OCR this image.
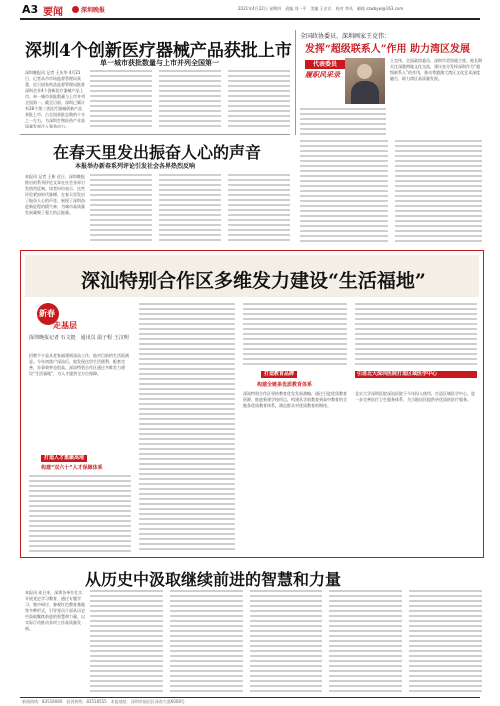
A3 要闻	深圳晚报	2021年4月22日 星期四　责编 刘一平　美编 王京京　校对 李凤　邮箱 szwbyw@163.com
深圳4个创新医疗器械产品获批上市
单一城市获批数量与上市并列全国第一
深圳晚报讯 记者 王庆华 4月21日，记者从市市场监督管理局获悉，近日国家药品监督管理局批准深圳企业4个创新医疗器械产品上市，单一城市获批数量与上市并列全国第一。截至目前，深圳已累计有28个第三类医疗器械创新产品获批上市，占全国获批总数的十分之一左右，为深圳生物医药产业高质量发展注入强劲动力。
全国政协委员、深圳画家王克伟：
发挥“超级联系人”作用 助力湾区发展
代表委员
履职风采录
王克伟，全国政协委员，深圳市美协副主席。他长期关注深港两地文化交流，建议充分发挥深圳作为“超级联系人”的作用，推动粤港澳大湾区文化艺术深度融合，助力湾区高质量发展。
在春天里发出振奋人心的声音
本报举办新春系列评论引发社会各界热烈反响
本报讯 记者 王新 近日，深圳晚报推出的系列评论文章在社会各界引发热烈反响。读者纷纷表示，这些评论紧扣时代脉搏，在春天里发出了振奋人心的声音，展现了深圳奋进新征程的精气神，为城市高质量发展凝聚了强大的正能量。
深汕特别合作区多维发力建设“生活福地”
新春
走基层
深圳晚报记者 石文挺　通讯员 温子程 王汉明
招聘不少是从老家福建到深汕工作，他对目前的生活很满意。今年初落户深汕后，他发现这里生活便利、配套完善，办事效率也很高。深汕特别合作区通过多维发力建设“生活福地”，为人才提供全方位保障。
打造人才集聚高地
构建“双六十”人才保障体系
打造教育品牌
构建全链条优质教育体系
深汕特别合作区坚持教育优先发展战略，通过引进优质教育资源，推进新建学校项目，构建从学前教育到高中教育的全链条优质教育体系，满足群众对优质教育的期待。
引进北大深圳医院打造区域医学中心
北京大学深圳医院深汕医院于今年投入使用，打造区域医学中心，进一步完善医疗卫生服务体系，为当地居民提供更优质的医疗服务。
从历史中汲取继续前进的智慧和力量
本报讯 连日来，深圳各单位扎实开展党史学习教育，通过专题学习、集中研讨、参观红色教育基地等多种形式，引导党员干部从历史中汲取继续前进的智慧和力量，以实际行动推动各项工作高质量发展。
新闻热线：83518080　投诉热线：83518555　本报地址：深圳市福田区深南大道6008号
